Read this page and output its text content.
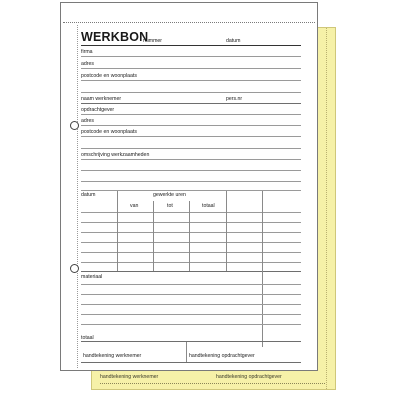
handtekening werknemer	handtekening opdrachtgever
WERKBON
nummer	datum
firma
adres
postcode en woonplaats
naam werknemer	pers.nr
opdrachtgever
adres
postcode en woonplaats
omschrijving werkzaamheden
datum	gewerkte uren
van	tot	totaal
materiaal
totaal
handtekening werknemer	handtekening opdrachtgever
